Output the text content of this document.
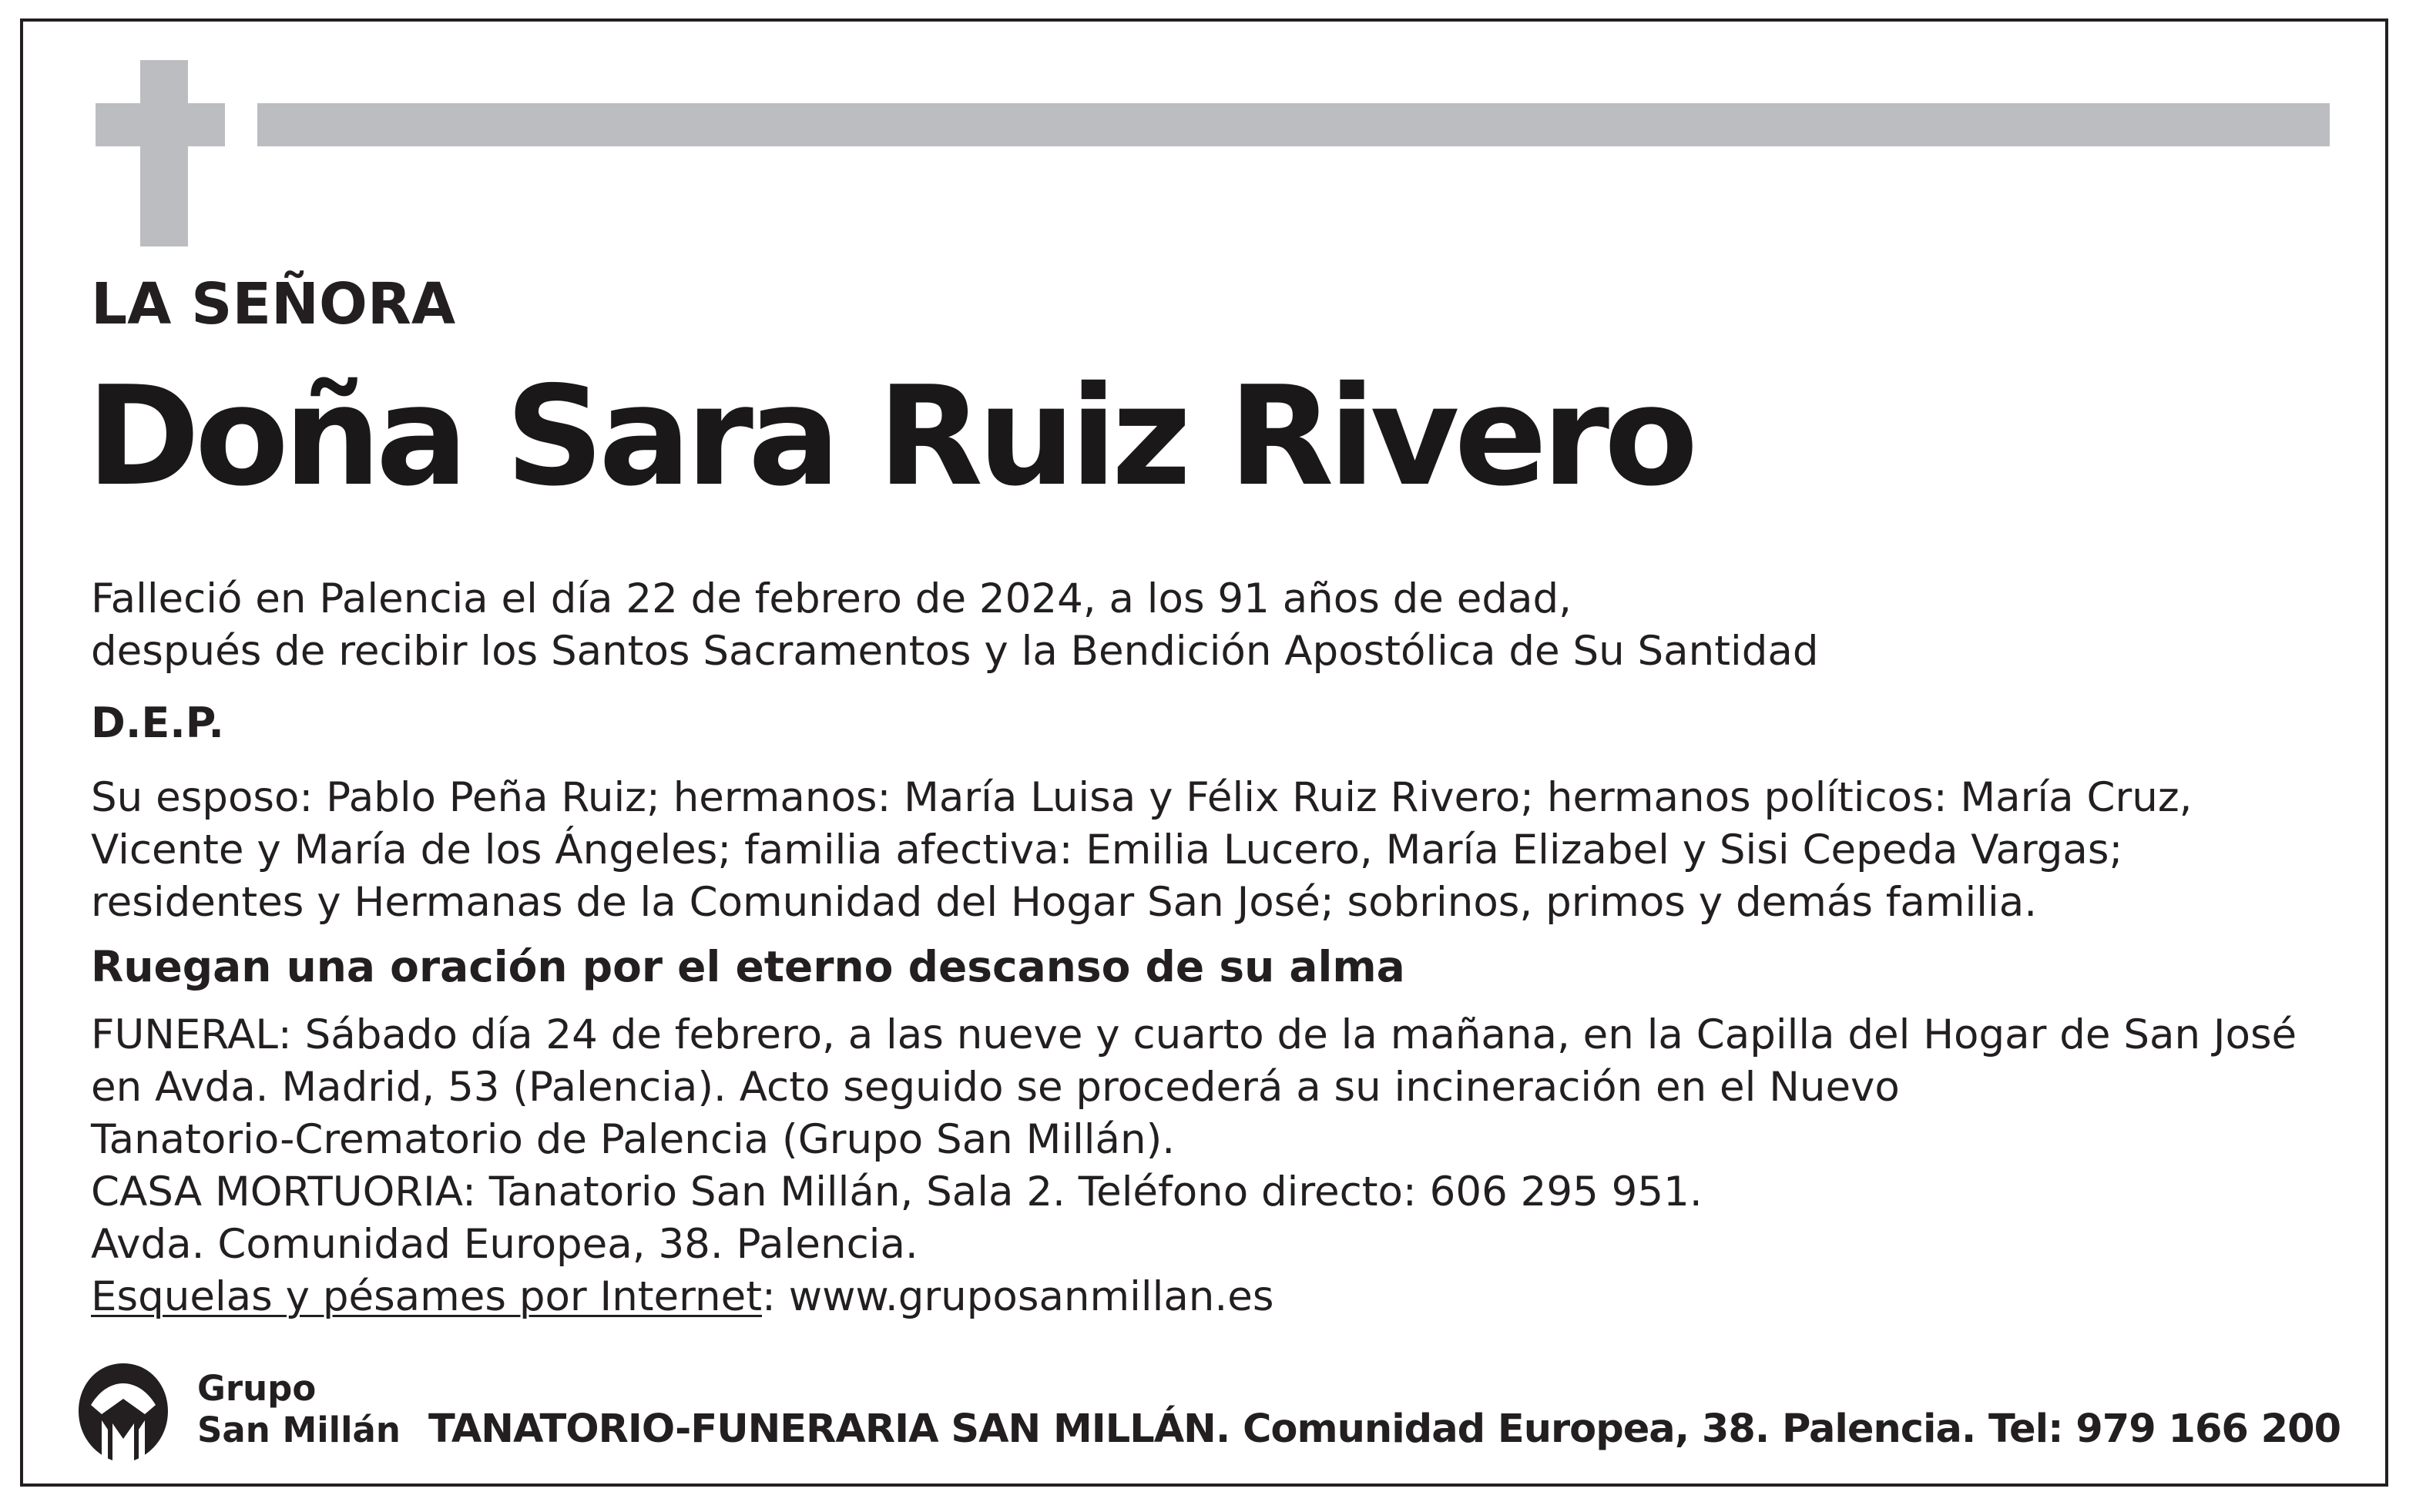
LA SEÑORA
Doña Sara Ruiz Rivero
Falleció en Palencia el día 22 de febrero de 2024, a los 91 años de edad,
después de recibir los Santos Sacramentos y la Bendición Apostólica de Su Santidad
D.E.P.
Su esposo: Pablo Peña Ruiz; hermanos: María Luisa y Félix Ruiz Rivero; hermanos políticos: María Cruz,
Vicente y María de los Ángeles; familia afectiva: Emilia Lucero, María Elizabel y Sisi Cepeda Vargas;
residentes y Hermanas de la Comunidad del Hogar San José; sobrinos, primos y demás familia.
Ruegan una oración por el eterno descanso de su alma
FUNERAL: Sábado día 24 de febrero, a las nueve y cuarto de la mañana, en la Capilla del Hogar de San José
en Avda. Madrid, 53 (Palencia). Acto seguido se procederá a su incineración en el Nuevo
Tanatorio-Crematorio de Palencia (Grupo San Millán).
CASA MORTUORIA: Tanatorio San Millán, Sala 2. Teléfono directo: 606 295 951.
Avda. Comunidad Europea, 38. Palencia.
Esquelas y pésames por Internet: www.gruposanmillan.es
Grupo
San Millán TANATORIO-FUNERARIA SAN MILLÁN. Comunidad Europea, 38. Palencia. Tel: 979 166 200
